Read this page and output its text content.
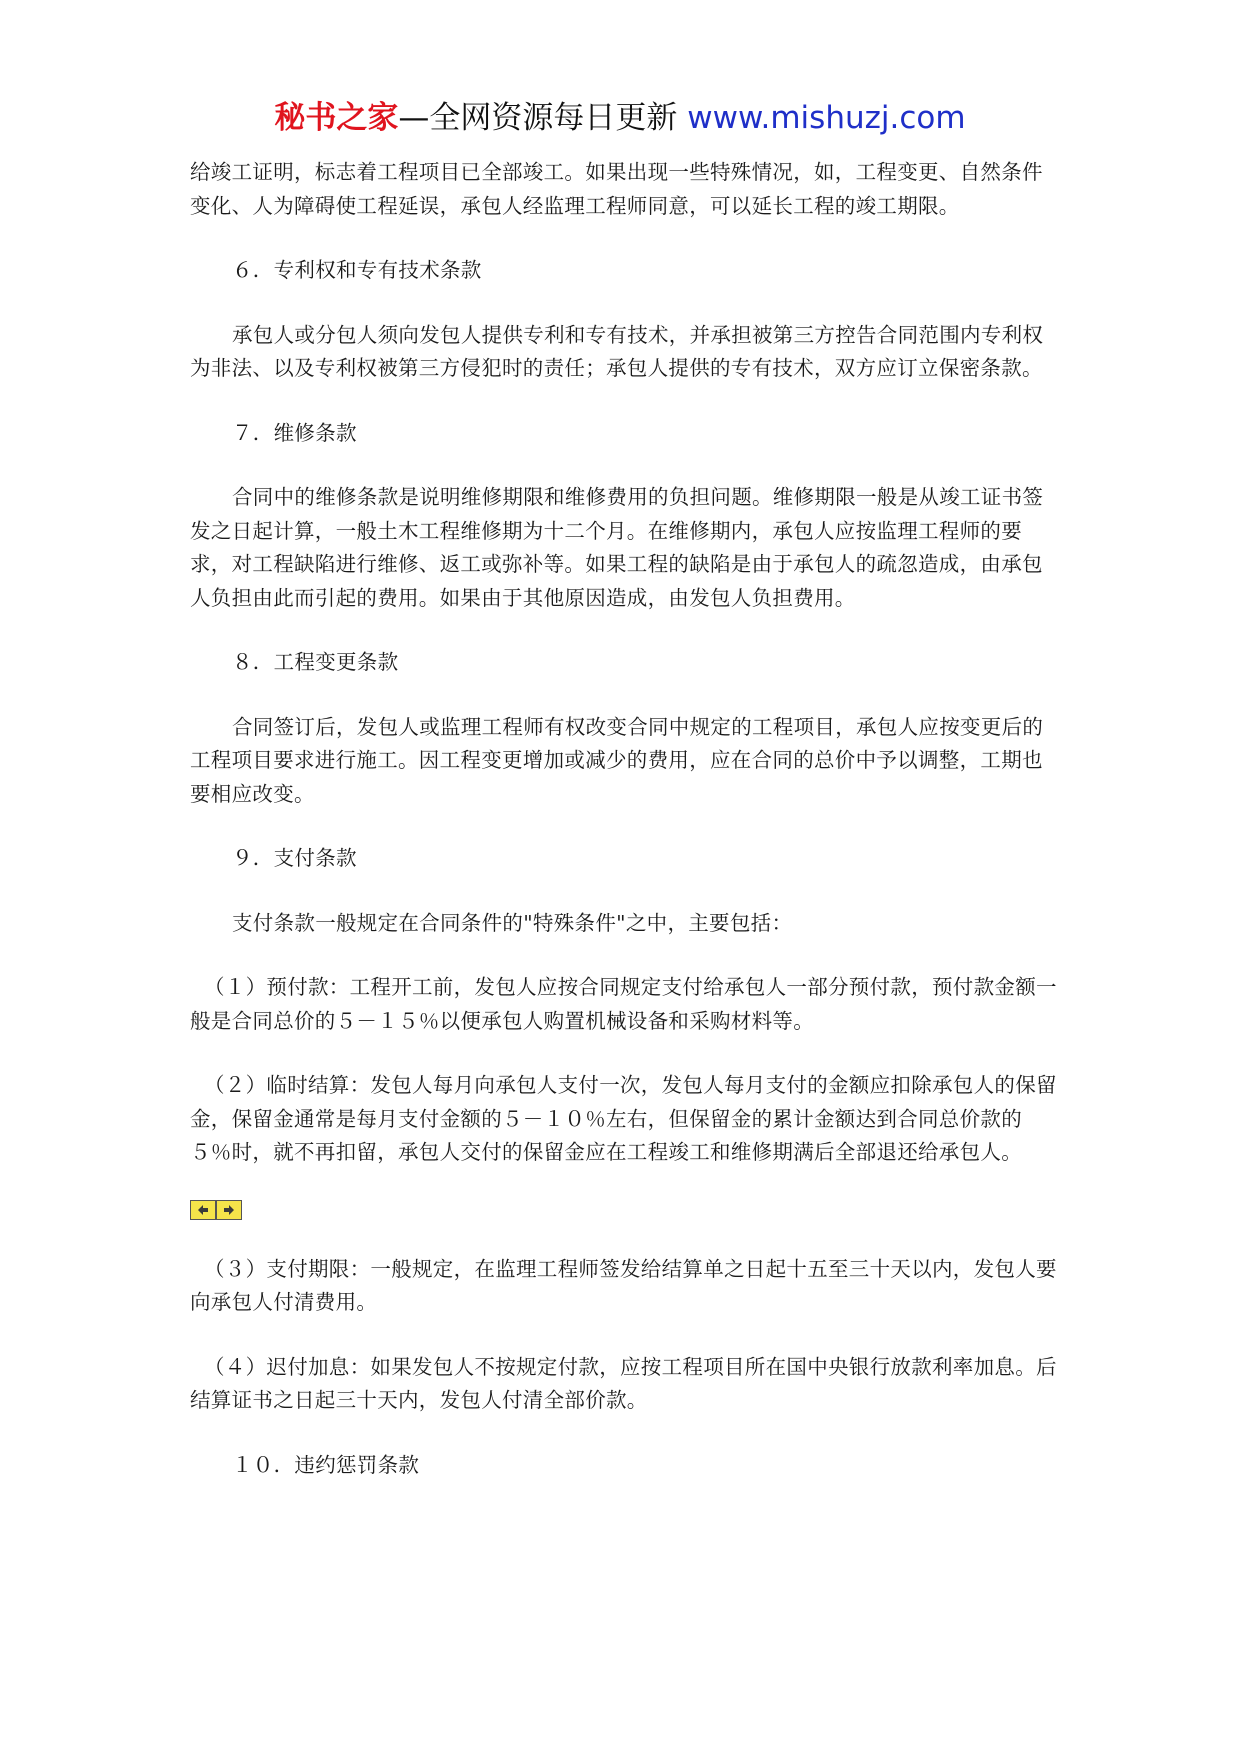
秘书之家—全网资源每日更新 www.mishuzj.com

给竣工证明，标志着工程项目已全部竣工。如果出现一些特殊情况，如，工程变更、自然条件变化、人为障碍使工程延误，承包人经监理工程师同意，可以延长工程的竣工期限。

６．专利权和专有技术条款

承包人或分包人须向发包人提供专利和专有技术，并承担被第三方控告合同范围内专利权为非法、以及专利权被第三方侵犯时的责任；承包人提供的专有技术，双方应订立保密条款。

７．维修条款

合同中的维修条款是说明维修期限和维修费用的负担问题。维修期限一般是从竣工证书签发之日起计算，一般土木工程维修期为十二个月。在维修期内，承包人应按监理工程师的要求，对工程缺陷进行维修、返工或弥补等。如果工程的缺陷是由于承包人的疏忽造成，由承包人负担由此而引起的费用。如果由于其他原因造成，由发包人负担费用。

８．工程变更条款

合同签订后，发包人或监理工程师有权改变合同中规定的工程项目，承包人应按变更后的工程项目要求进行施工。因工程变更增加或减少的费用，应在合同的总价中予以调整，工期也要相应改变。

９．支付条款

支付条款一般规定在合同条件的"特殊条件"之中，主要包括：

（１）预付款：工程开工前，发包人应按合同规定支付给承包人一部分预付款，预付款金额一般是合同总价的５－１５％以便承包人购置机械设备和采购材料等。

（２）临时结算：发包人每月向承包人支付一次，发包人每月支付的金额应扣除承包人的保留金，保留金通常是每月支付金额的５－１０％左右，但保留金的累计金额达到合同总价款的５％时，就不再扣留，承包人交付的保留金应在工程竣工和维修期满后全部退还给承包人。

（３）支付期限：一般规定，在监理工程师签发给结算单之日起十五至三十天以内，发包人要向承包人付清费用。

（４）迟付加息：如果发包人不按规定付款，应按工程项目所在国中央银行放款利率加息。后结算证书之日起三十天内，发包人付清全部价款。

１０．违约惩罚条款
